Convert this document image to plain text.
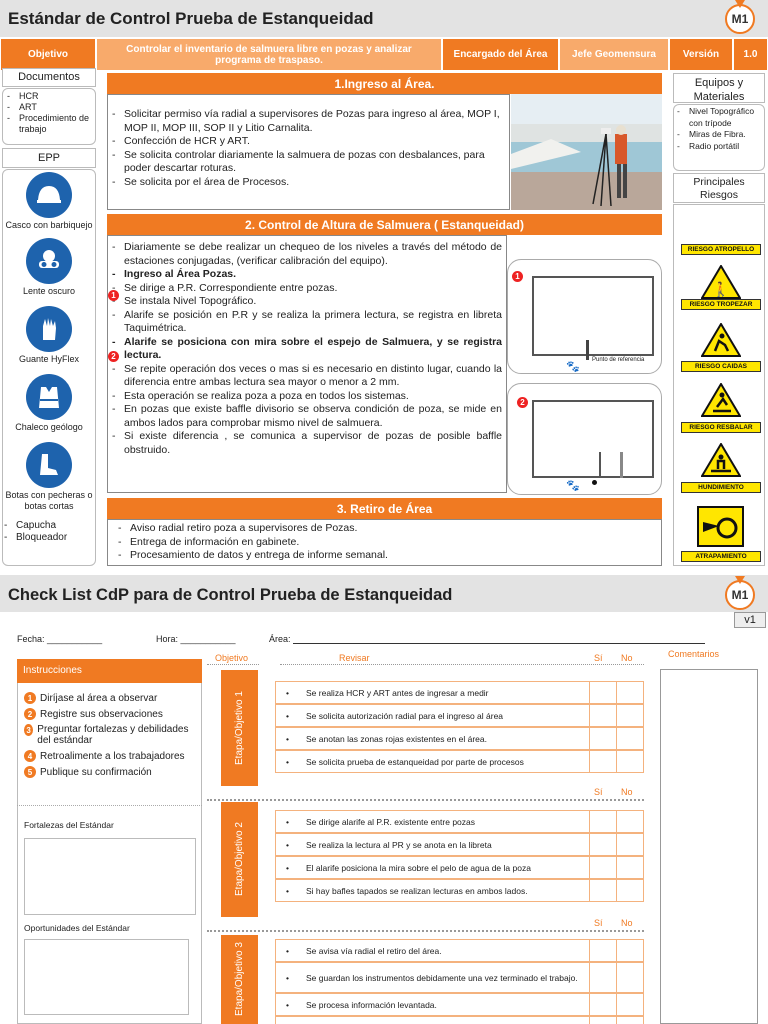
Estándar de Control Prueba de Estanqueidad	M1
Objetivo	Controlar el inventario de salmuera libre en pozas y analizar programa de traspaso.	Encargado del Área	Jefe Geomensura	Versión	1.0
Documentos
- HCR
- ART
- Procedimiento de trabajo
EPP
Casco con barbiquejo
Lente oscuro
Guante HyFlex
Chaleco geólogo
Botas con pecheras o botas cortas
- Capucha
- Bloqueador
Equipos y Materiales
- Nivel Topográfico con trípode
- Miras de Fibra.
- Radio portátil
Principales Riesgos
RIESGO ATROPELLO
🚶
RIESGO TROPEZAR
RIESGO CAIDAS
RIESGO RESBALAR
HUNDIMIENTO
ATRAPAMIENTO
1.Ingreso al Área.
- Solicitar permiso vía radial a supervisores de Pozas para ingreso al área, MOP I, MOP II, MOP III, SOP II y Litio Carnalita.
- Confección de HCR y ART.
- Se solicita controlar diariamente la salmuera de pozas con desbalances, para poder descartar roturas.
- Se solicita por el área de Procesos.
2. Control de Altura de Salmuera ( Estanqueidad)
- Diariamente se debe realizar un chequeo de los niveles a través del método de estaciones conjugadas, (verificar calibración del equipo).
- Ingreso al Área Pozas.
- Se dirige a P.R. Correspondiente entre pozas.
- Se instala Nivel Topográfico.
- Alarife se posición en P.R y se realiza la primera lectura, se registra en libreta Taquimétrica.
- Alarife se posiciona con mira sobre el espejo de Salmuera, y se registra lectura.
- Se repite operación dos veces o mas si es necesario en distinto lugar, cuando la diferencia entre ambas lectura sea mayor o menor a 2 mm.
- Esta operación se realiza poza a poza en todos los sistemas.
- En pozas que existe baffle divisorio se observa condición de poza, se mide en ambos lados para comprobar mismo nivel de salmuera.
- Si existe diferencia , se comunica a supervisor de pozas de posible baffle obstruido.
1
2	Punto de referencia
🐾
1
🐾
2
3. Retiro de Área
- Aviso radial retiro poza a supervisores de Pozas.
- Entrega de información en gabinete.
- Procesamiento de datos y entrega de informe semanal.
Check List CdP para de Control Prueba de Estanqueidad	M1
v1
Fecha: ___________	Hora: ___________	Área:
Instrucciones
1 Diríjase al área a observar
2 Registre sus observaciones
3 Preguntar fortalezas y debilidades del estándar
4 Retroalimente a los trabajadores
5 Publique su confirmación
Fortalezas del Estándar
Oportunidades del Estándar
Objetivo	Revisar	Sí No	Comentarios
Etapa/Objetivo 1	• Se realiza HCR y ART antes de ingresar a medir
• Se solicita autorización radial para el ingreso al área
• Se anotan las zonas rojas existentes en el área.
• Se solicita prueba de estanqueidad por parte de procesos
Sí No
Etapa/Objetivo 2
• Se dirige alarife al P.R. existente entre pozas
• Se realiza la lectura al PR y se anota en la libreta
• El alarife posiciona la mira sobre el pelo de agua de la poza
• Si hay bafles tapados se realizan lecturas en ambos lados.
Sí No
Etapa/Objetivo 3	• Se avisa vía radial el retiro del área.
• Se guardan los instrumentos debidamente una vez terminado el trabajo.
• Se procesa información levantada.
